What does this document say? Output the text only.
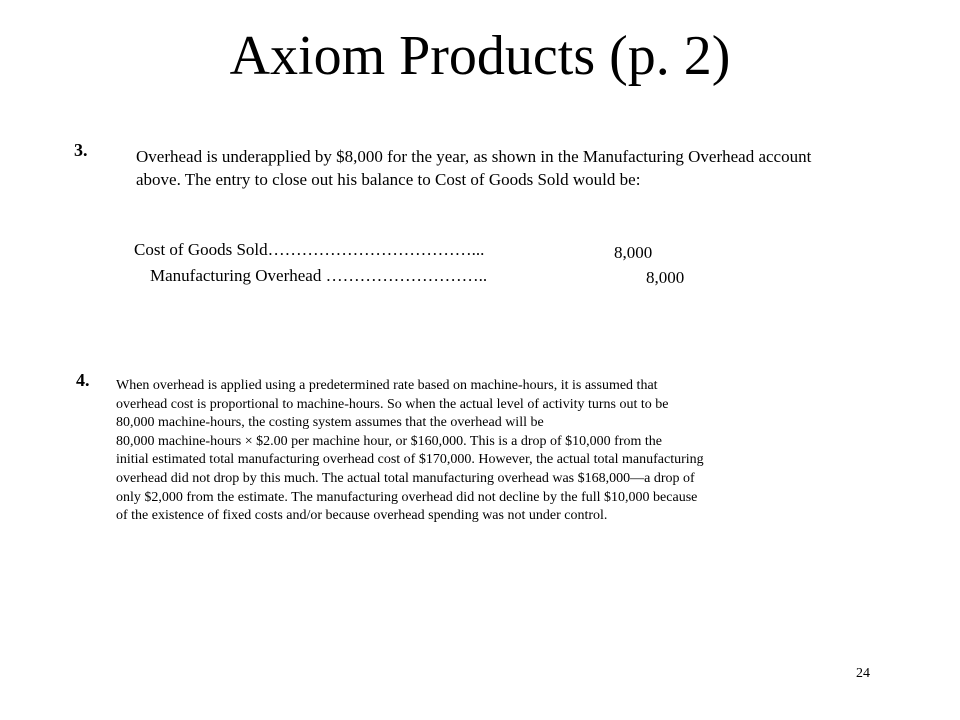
Axiom Products (p. 2)
3.	Overhead is underapplied by $8,000 for the year, as shown in the Manufacturing Overhead account above. The entry to close out his balance to Cost of Goods Sold would be:
Cost of Goods Sold………………………………...	8,000
Manufacturing Overhead ………………………..	8,000
4. When overhead is applied using a predetermined rate based on machine-hours, it is assumed that
overhead cost is proportional to machine-hours. So when the actual level of activity turns out to be
80,000 machine-hours, the costing system assumes that the overhead will be
80,000 machine-hours × $2.00 per machine hour, or $160,000. This is a drop of $10,000 from the
initial estimated total manufacturing overhead cost of $170,000. However, the actual total manufacturing
overhead did not drop by this much. The actual total manufacturing overhead was $168,000—a drop of
only $2,000 from the estimate. The manufacturing overhead did not decline by the full $10,000 because
of the existence of fixed costs and/or because overhead spending was not under control.
24
